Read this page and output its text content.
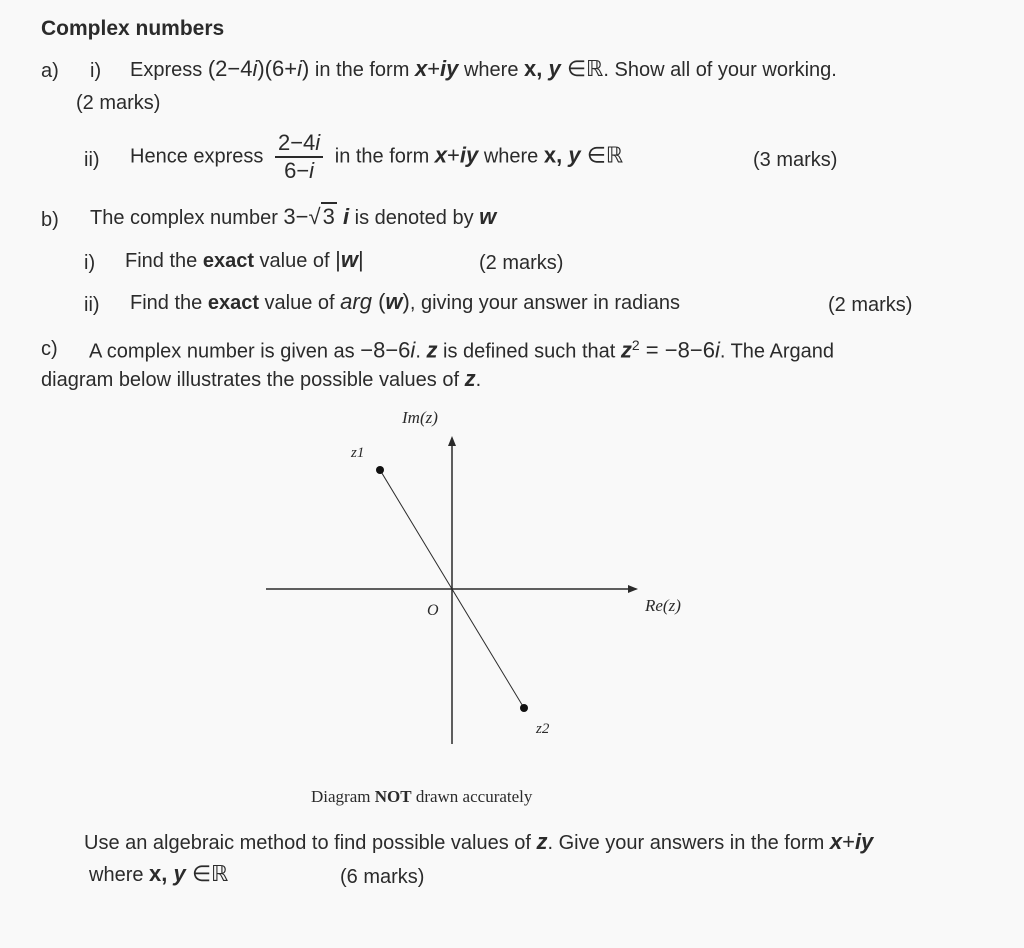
Complex numbers
a) i) Express (2−4i)(6+i) in the form x+iy where x, y ∈ℝ. Show all of your working.
(2 marks)
ii) Hence express $\frac{2-4i}{6-i}$ in the form x+iy where x, y ∈ℝ	(3 marks)
b) The complex number 3−√3 i is denoted by w
i) Find the exact value of |w|	(2 marks)
ii) Find the exact value of arg (w), giving your answer in radians	(2 marks)
c) A complex number is given as −8−6i. z is defined such that $z^2 = -8-6i$. The Argand
diagram below illustrates the possible values of z.
Im(z)
Re(z)
O
z1
z2
Diagram NOT drawn accurately
Use an algebraic method to find possible values of z. Give your answers in the form x+iy
where x, y ∈ℝ	(6 marks)
